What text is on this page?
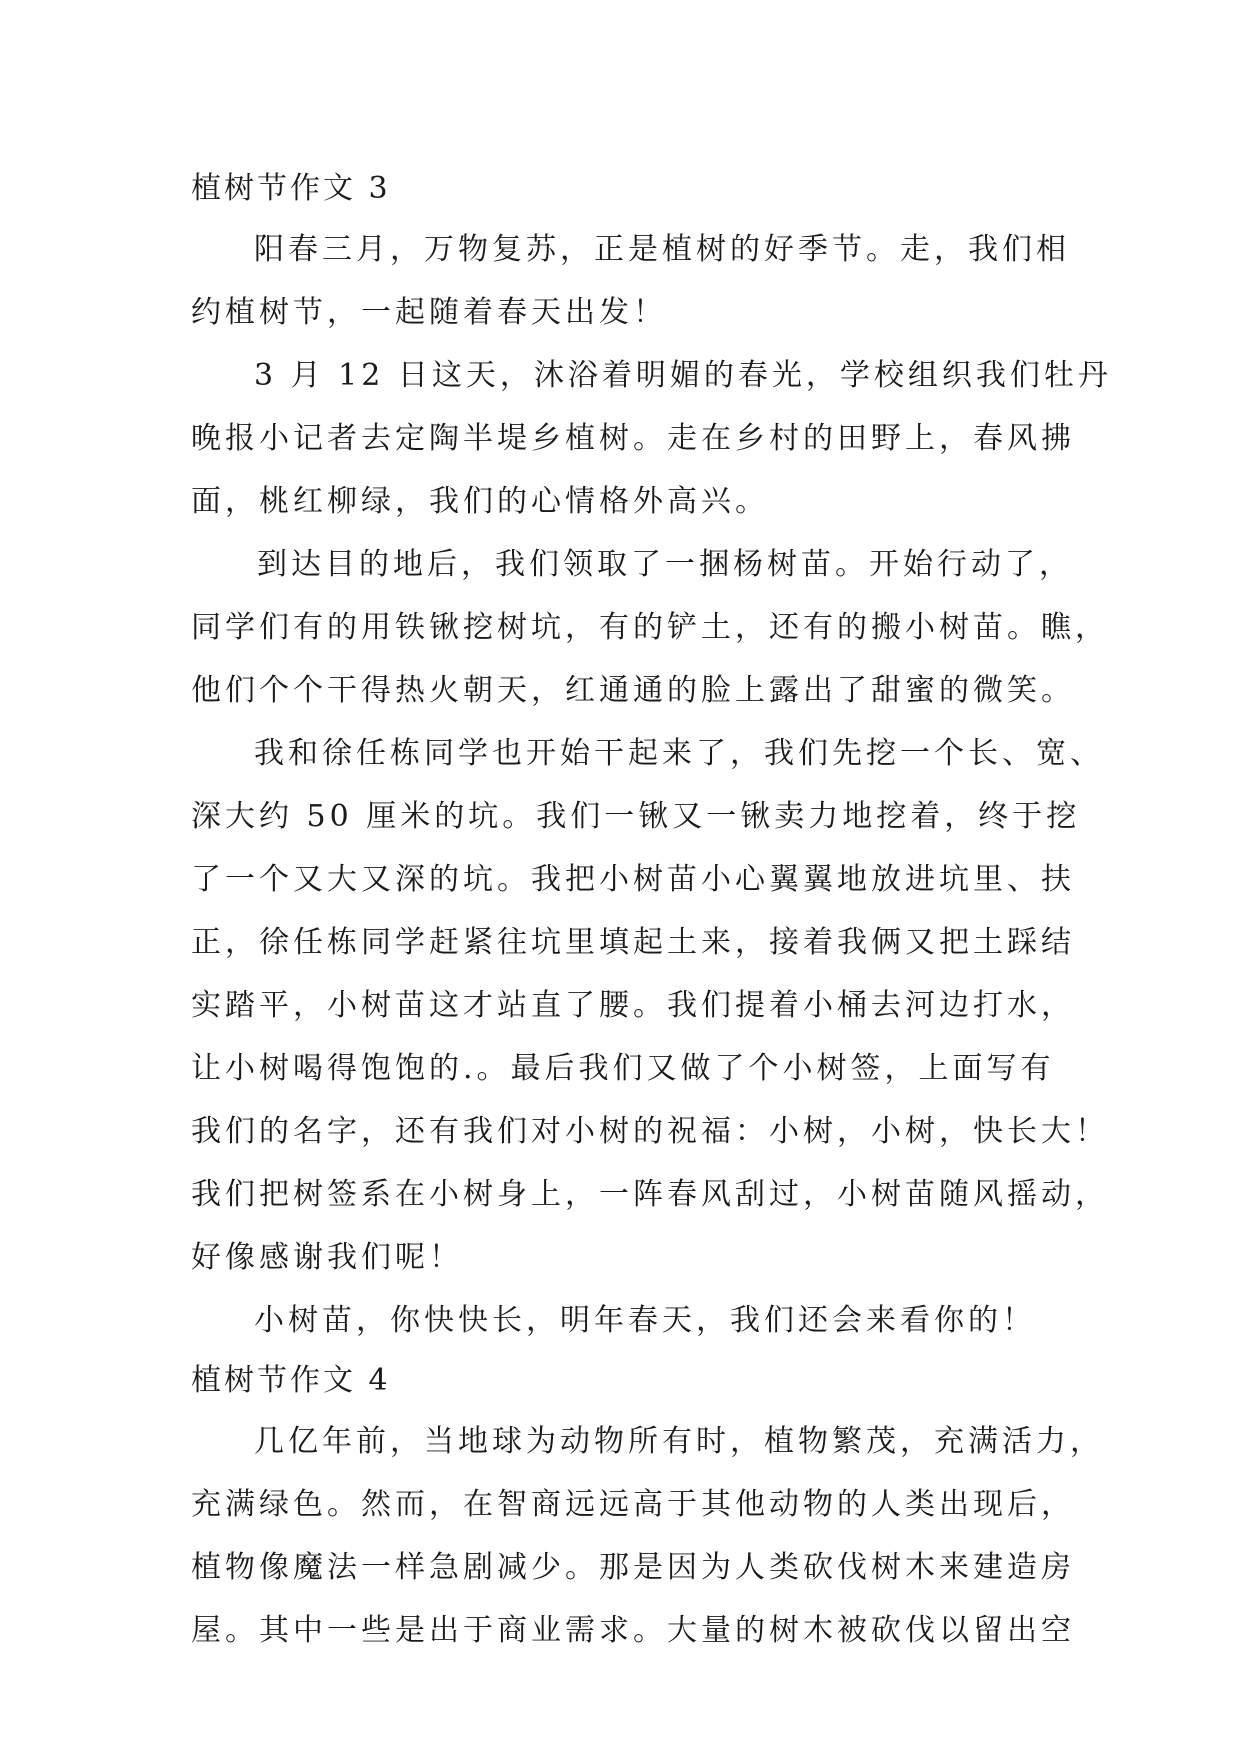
植树节作文 3
阳春三月，万物复苏，正是植树的好季节。走，我们相
约植树节，一起随着春天出发！
3 月 12 日这天，沐浴着明媚的春光，学校组织我们牡丹
晚报小记者去定陶半堤乡植树。走在乡村的田野上，春风拂
面，桃红柳绿，我们的心情格外高兴。
到达目的地后，我们领取了一捆杨树苗。开始行动了，
同学们有的用铁锹挖树坑，有的铲土，还有的搬小树苗。瞧，
他们个个干得热火朝天，红通通的脸上露出了甜蜜的微笑。
我和徐任栋同学也开始干起来了，我们先挖一个长、宽、
深大约 50 厘米的坑。我们一锹又一锹卖力地挖着，终于挖
了一个又大又深的坑。我把小树苗小心翼翼地放进坑里、扶
正，徐任栋同学赶紧往坑里填起土来，接着我俩又把土踩结
实踏平，小树苗这才站直了腰。我们提着小桶去河边打水，
让小树喝得饱饱的.。最后我们又做了个小树签，上面写有
我们的名字，还有我们对小树的祝福：小树，小树，快长大！
我们把树签系在小树身上，一阵春风刮过，小树苗随风摇动，
好像感谢我们呢！
小树苗，你快快长，明年春天，我们还会来看你的！
植树节作文 4
几亿年前，当地球为动物所有时，植物繁茂，充满活力，
充满绿色。然而，在智商远远高于其他动物的人类出现后，
植物像魔法一样急剧减少。那是因为人类砍伐树木来建造房
屋。其中一些是出于商业需求。大量的树木被砍伐以留出空
